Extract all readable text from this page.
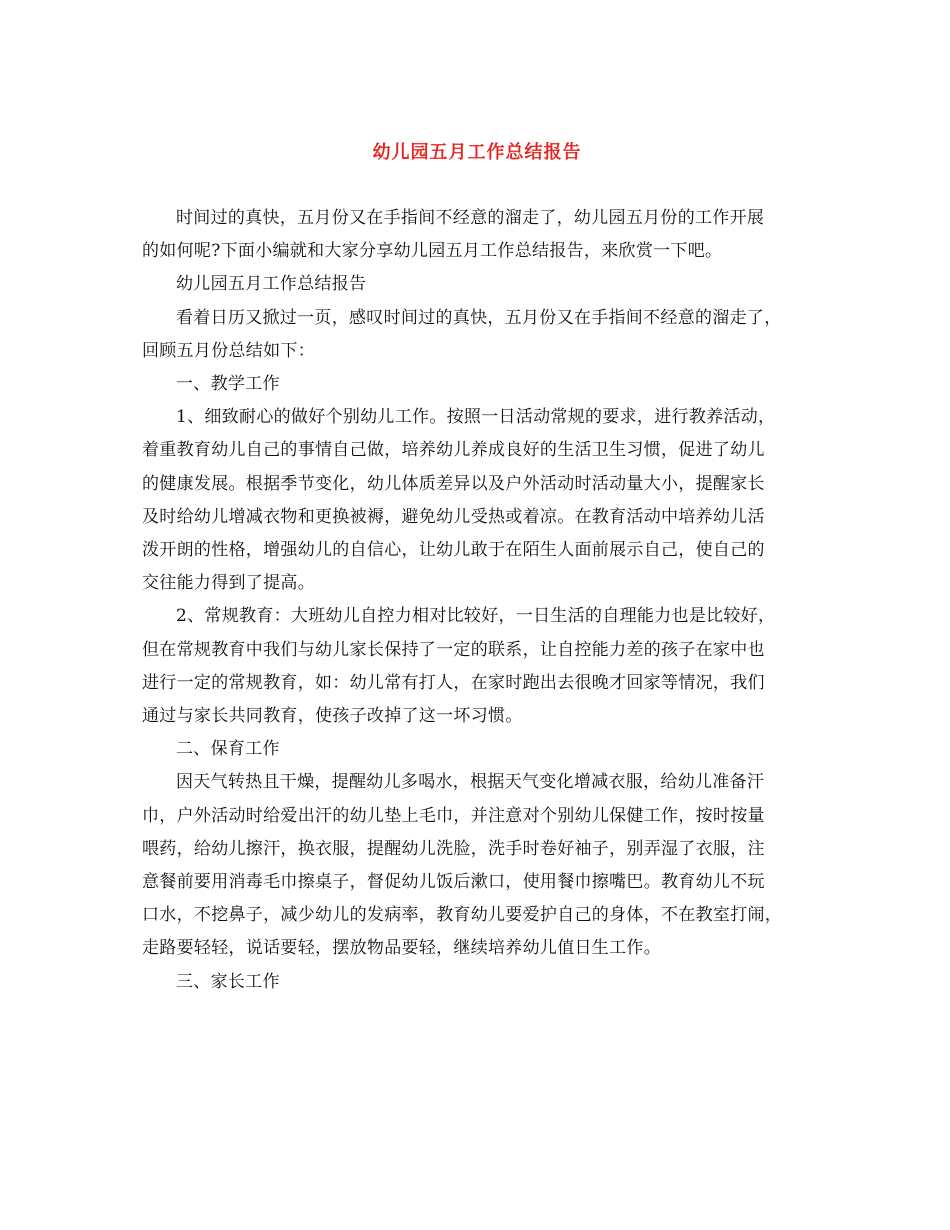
幼儿园五月工作总结报告

时间过的真快，五月份又在手指间不经意的溜走了，幼儿园五月份的工作开展
的如何呢?下面小编就和大家分享幼儿园五月工作总结报告，来欣赏一下吧。

幼儿园五月工作总结报告

看着日历又掀过一页，感叹时间过的真快，五月份又在手指间不经意的溜走了，
回顾五月份总结如下：

一、教学工作

1、细致耐心的做好个别幼儿工作。按照一日活动常规的要求，进行教养活动，
着重教育幼儿自己的事情自己做，培养幼儿养成良好的生活卫生习惯，促进了幼儿
的健康发展。根据季节变化，幼儿体质差异以及户外活动时活动量大小，提醒家长
及时给幼儿增减衣物和更换被褥，避免幼儿受热或着凉。在教育活动中培养幼儿活
泼开朗的性格，增强幼儿的自信心，让幼儿敢于在陌生人面前展示自己，使自己的
交往能力得到了提高。

2、常规教育：大班幼儿自控力相对比较好，一日生活的自理能力也是比较好，
但在常规教育中我们与幼儿家长保持了一定的联系，让自控能力差的孩子在家中也
进行一定的常规教育，如：幼儿常有打人，在家时跑出去很晚才回家等情况，我们
通过与家长共同教育，使孩子改掉了这一坏习惯。

二、保育工作

因天气转热且干燥，提醒幼儿多喝水，根据天气变化增减衣服，给幼儿准备汗
巾，户外活动时给爱出汗的幼儿垫上毛巾，并注意对个别幼儿保健工作，按时按量
喂药，给幼儿擦汗，换衣服，提醒幼儿洗脸，洗手时卷好袖子，别弄湿了衣服，注
意餐前要用消毒毛巾擦桌子，督促幼儿饭后漱口，使用餐巾擦嘴巴。教育幼儿不玩
口水，不挖鼻子，减少幼儿的发病率，教育幼儿要爱护自己的身体，不在教室打闹，
走路要轻轻，说话要轻，摆放物品要轻，继续培养幼儿值日生工作。

三、家长工作
